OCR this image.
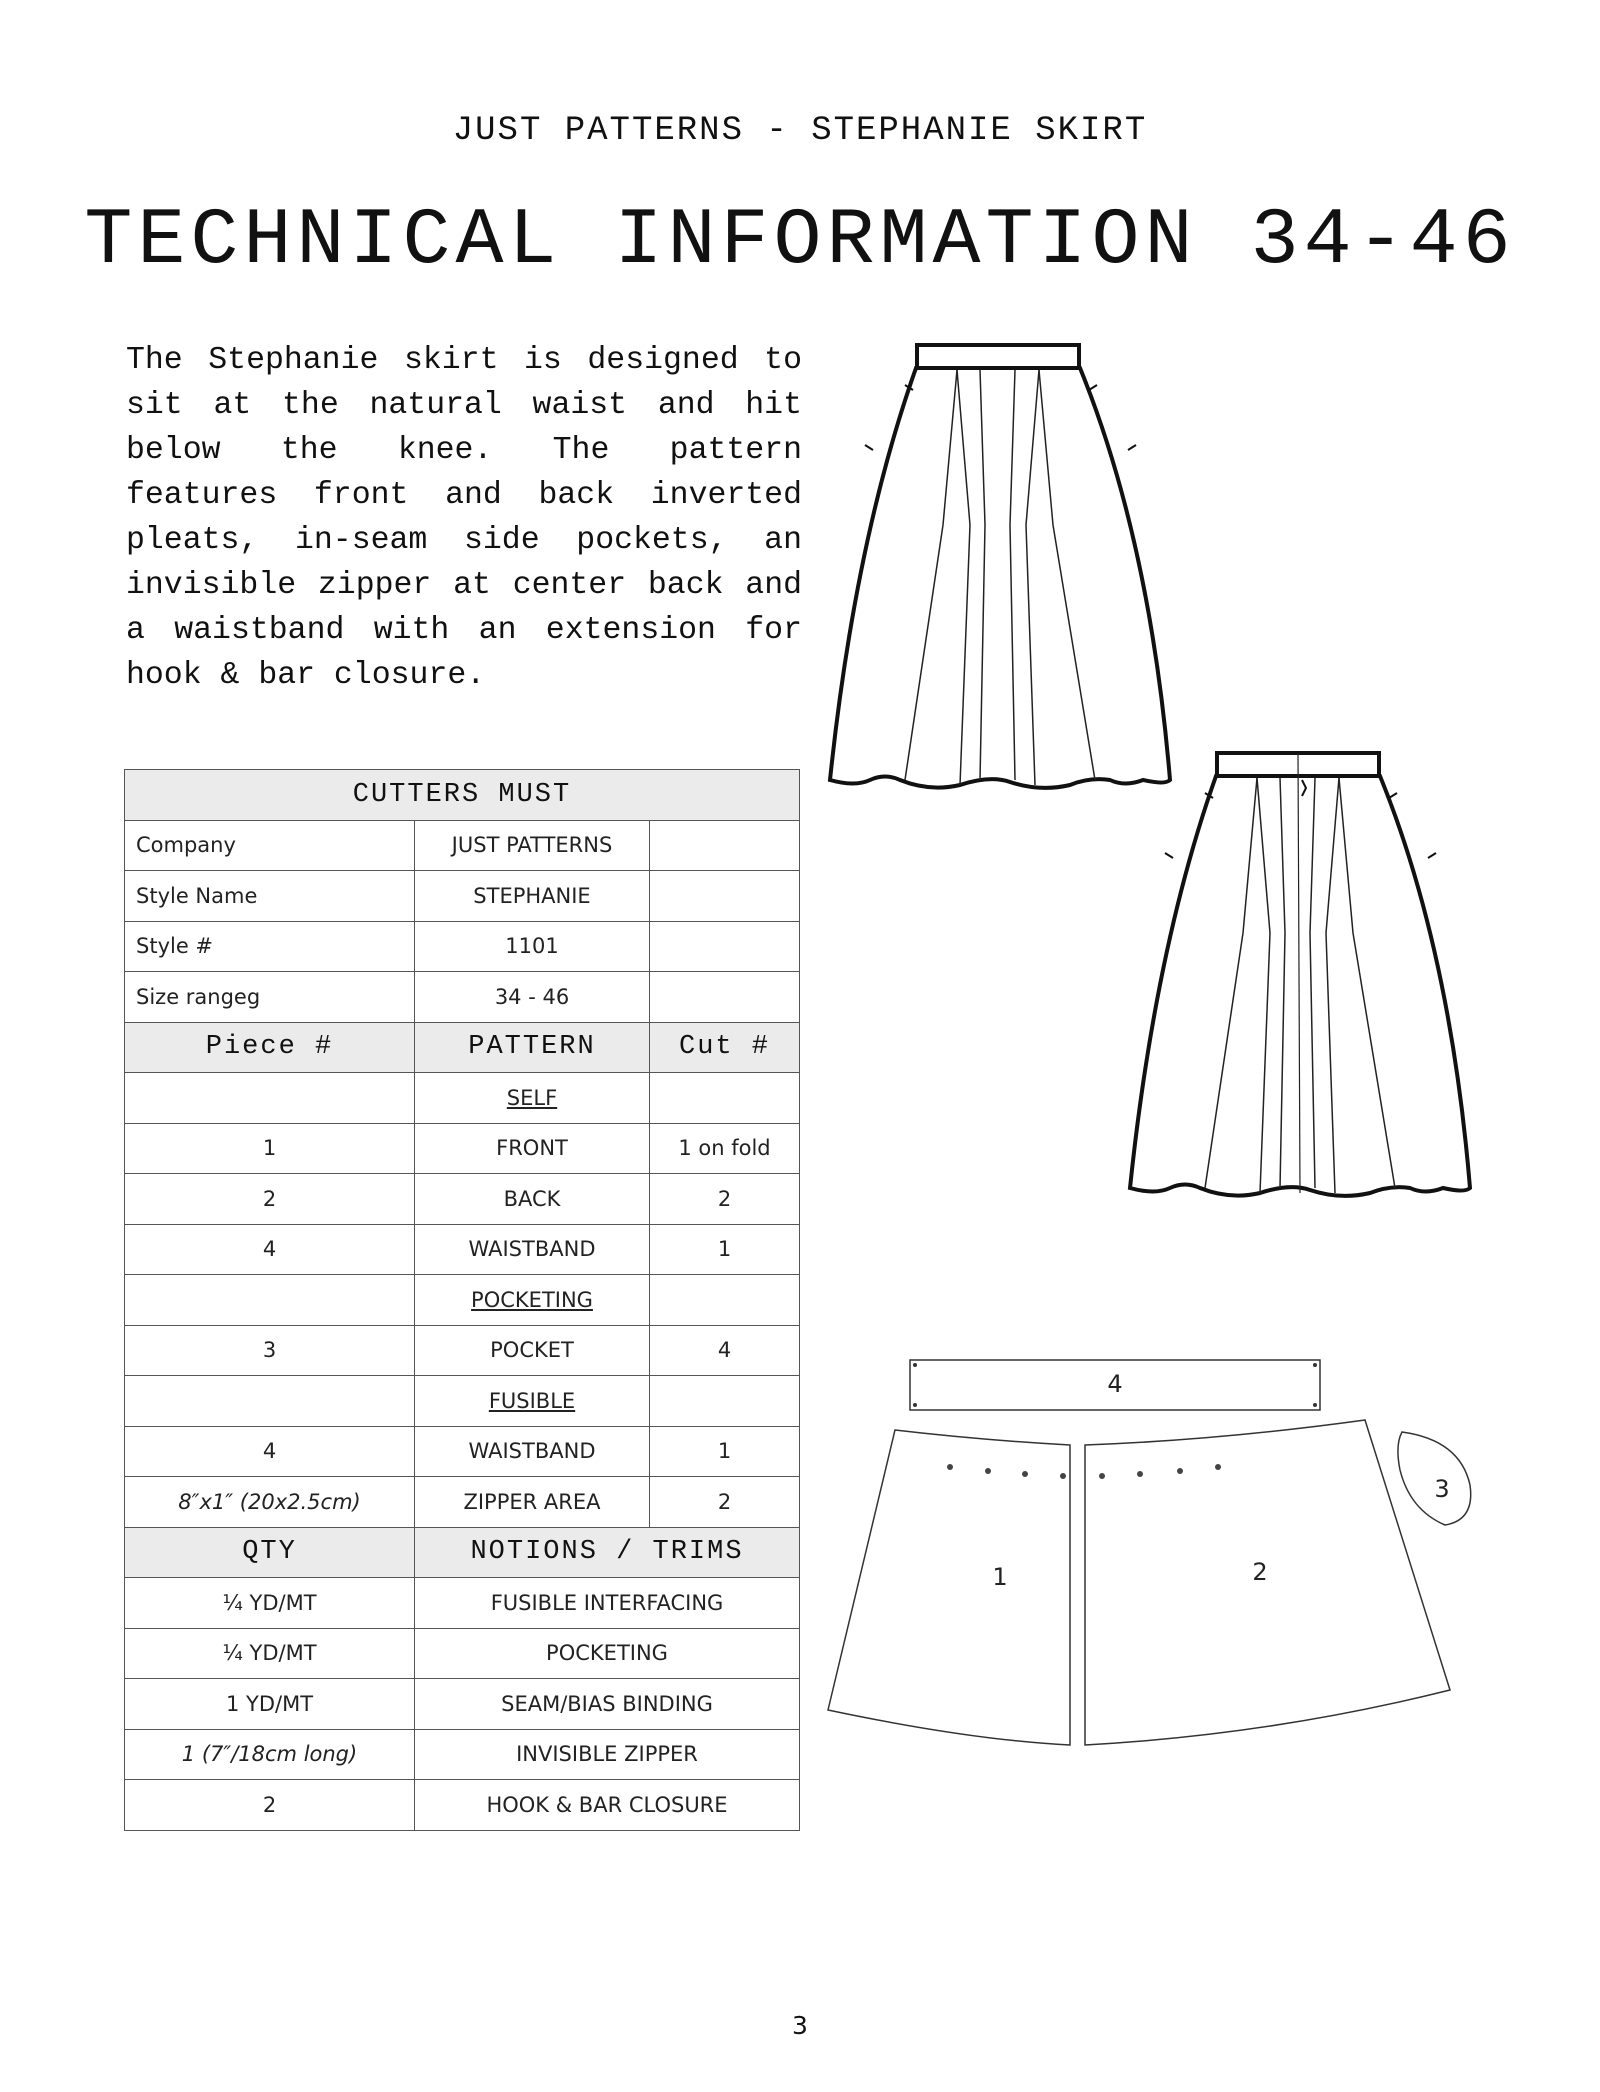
JUST PATTERNS - STEPHANIE SKIRT
TECHNICAL INFORMATION 34-46

The Stephanie skirt is designed to sit at the natural waist and hit below the knee. The pattern features front and back inverted pleats, in-seam side pockets, an invisible zipper at center back and a waistband with an extension for hook & bar closure.

CUTTERS MUST		
Company	JUST PATTERNS	
Style Name	STEPHANIE	
Style #	1101	
Size rangeg	34 - 46	
Piece #	PATTERN	Cut #
	SELF	
1	FRONT	1 on fold
2	BACK	2
4	WAISTBAND	1
	POCKETING	
3	POCKET	4
	FUSIBLE	
4	WAISTBAND	1
8″x1″ (20x2.5cm)	ZIPPER AREA	2
QTY	NOTIONS / TRIMS	
¼ YD/MT	FUSIBLE INTERFACING	
¼ YD/MT	POCKETING	
1 YD/MT	SEAM/BIAS BINDING	
1 (7″/18cm long)	INVISIBLE ZIPPER	
2	HOOK & BAR CLOSURE	
4
1	2
3
3
